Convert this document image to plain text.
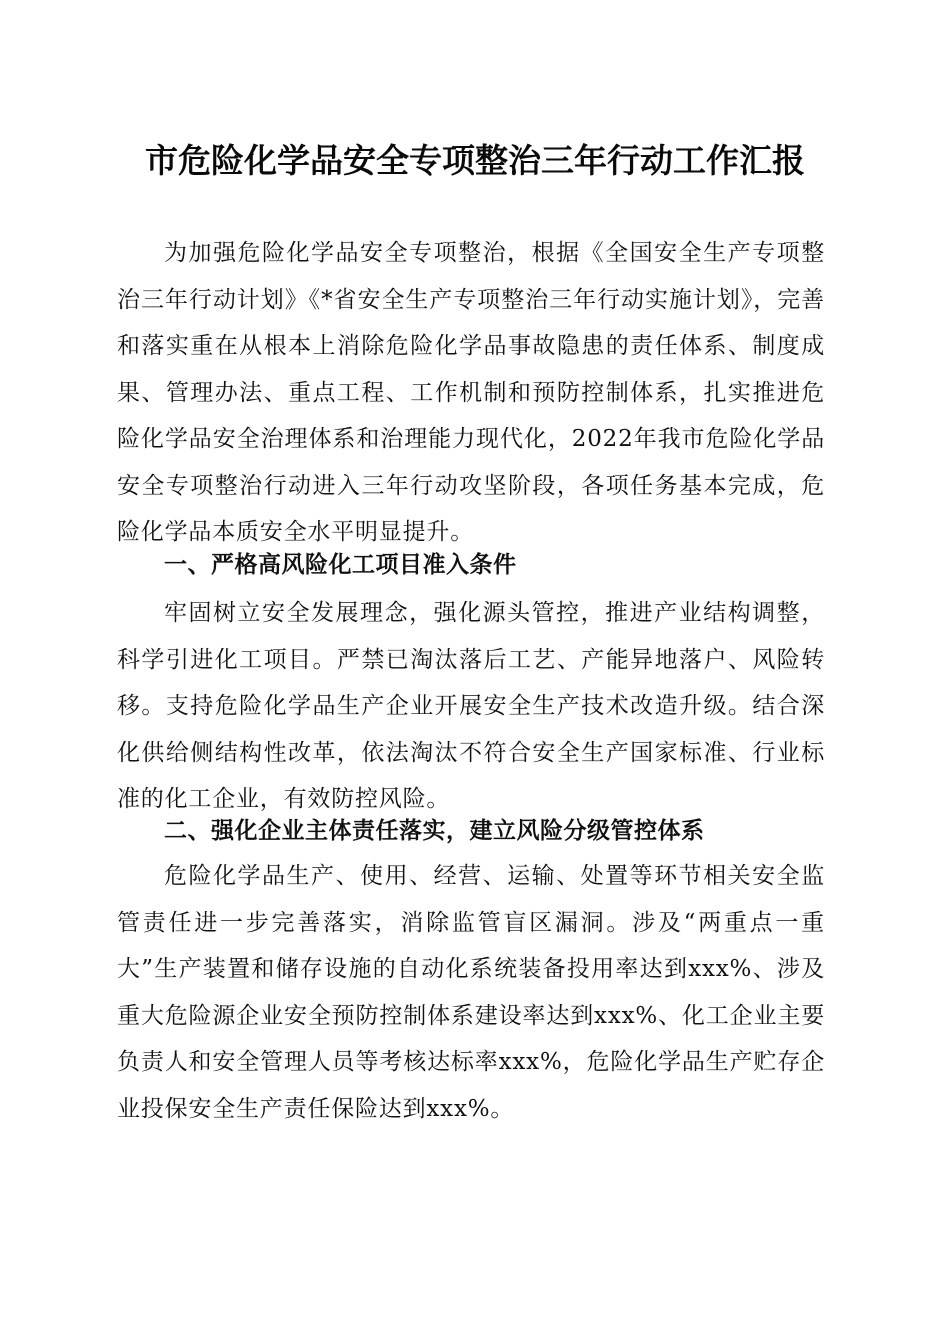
市危险化学品安全专项整治三年行动工作汇报

为加强危险化学品安全专项整治，根据《全国安全生产专项整治三年行动计划》《*省安全生产专项整治三年行动实施计划》，完善和落实重在从根本上消除危险化学品事故隐患的责任体系、制度成果、管理办法、重点工程、工作机制和预防控制体系，扎实推进危险化学品安全治理体系和治理能力现代化，2022年我市危险化学品安全专项整治行动进入三年行动攻坚阶段，各项任务基本完成，危险化学品本质安全水平明显提升。

一、严格高风险化工项目准入条件

牢固树立安全发展理念，强化源头管控，推进产业结构调整，科学引进化工项目。严禁已淘汰落后工艺、产能异地落户、风险转移。支持危险化学品生产企业开展安全生产技术改造升级。结合深化供给侧结构性改革，依法淘汰不符合安全生产国家标准、行业标准的化工企业，有效防控风险。

二、强化企业主体责任落实，建立风险分级管控体系

危险化学品生产、使用、经营、运输、处置等环节相关安全监管责任进一步完善落实，消除监管盲区漏洞。涉及“两重点一重大”生产装置和储存设施的自动化系统装备投用率达到xxx%、涉及重大危险源企业安全预防控制体系建设率达到xxx%、化工企业主要负责人和安全管理人员等考核达标率xxx%，危险化学品生产贮存企业投保安全生产责任保险达到xxx%。
